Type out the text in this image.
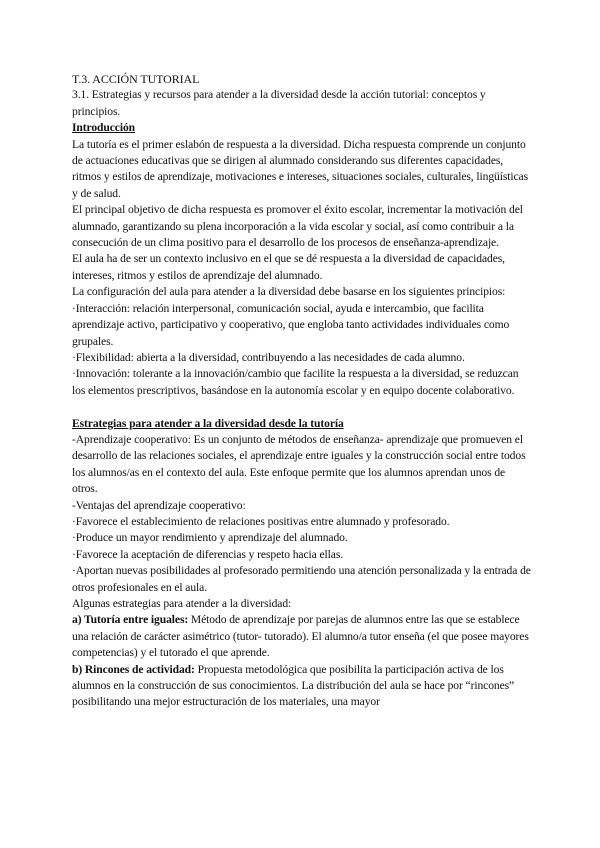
T.3. ACCIÓN TUTORIAL

3.1. Estrategias y recursos para atender a la diversidad desde la acción tutorial: conceptos y principios.

Introducción

La tutoría es el primer eslabón de respuesta a la diversidad. Dicha respuesta comprende un conjunto de actuaciones educativas que se dirigen al alumnado considerando sus diferentes capacidades, ritmos y estilos de aprendizaje, motivaciones e intereses, situaciones sociales, culturales, lingüísticas y de salud.

El principal objetivo de dicha respuesta es promover el éxito escolar, incrementar la motivación del alumnado, garantizando su plena incorporación a la vida escolar y social, así como contribuir a la consecución de un clima positivo para el desarrollo de los procesos de enseñanza-aprendizaje.

El aula ha de ser un contexto inclusivo en el que se dé respuesta a la diversidad de capacidades, intereses, ritmos y estilos de aprendizaje del alumnado.

La configuración del aula para atender a la diversidad debe basarse en los siguientes principios:

·Interacción: relación interpersonal, comunicación social, ayuda e intercambio, que facilita aprendizaje activo, participativo y cooperativo, que engloba tanto actividades individuales como grupales.

·Flexibilidad: abierta a la diversidad, contribuyendo a las necesidades de cada alumno.

·Innovación: tolerante a la innovación/cambio que facilite la respuesta a la diversidad, se reduzcan los elementos prescriptivos, basándose en la autonomía escolar y en equipo docente colaborativo.

Estrategias para atender a la diversidad desde la tutoría

-Aprendizaje cooperativo: Es un conjunto de métodos de enseñanza- aprendizaje que promueven el desarrollo de las relaciones sociales, el aprendizaje entre iguales y la construcción social entre todos los alumnos/as en el contexto del aula. Este enfoque permite que los alumnos aprendan unos de otros.

-Ventajas del aprendizaje cooperativo:

·Favorece el establecimiento de relaciones positivas entre alumnado y profesorado.

·Produce un mayor rendimiento y aprendizaje del alumnado.

·Favorece la aceptación de diferencias y respeto hacia ellas.

·Aportan nuevas posibilidades al profesorado permitiendo una atención personalizada y la entrada de otros profesionales en el aula.

Algunas estrategias para atender a la diversidad:

a) Tutoría entre iguales: Método de aprendizaje por parejas de alumnos entre las que se establece una relación de carácter asimétrico (tutor- tutorado). El alumno/a tutor enseña (el que posee mayores competencias) y el tutorado el que aprende.

b) Rincones de actividad: Propuesta metodológica que posibilita la participación activa de los alumnos en la construcción de sus conocimientos. La distribución del aula se hace por “rincones” posibilitando una mejor estructuración de los materiales, una mayor
